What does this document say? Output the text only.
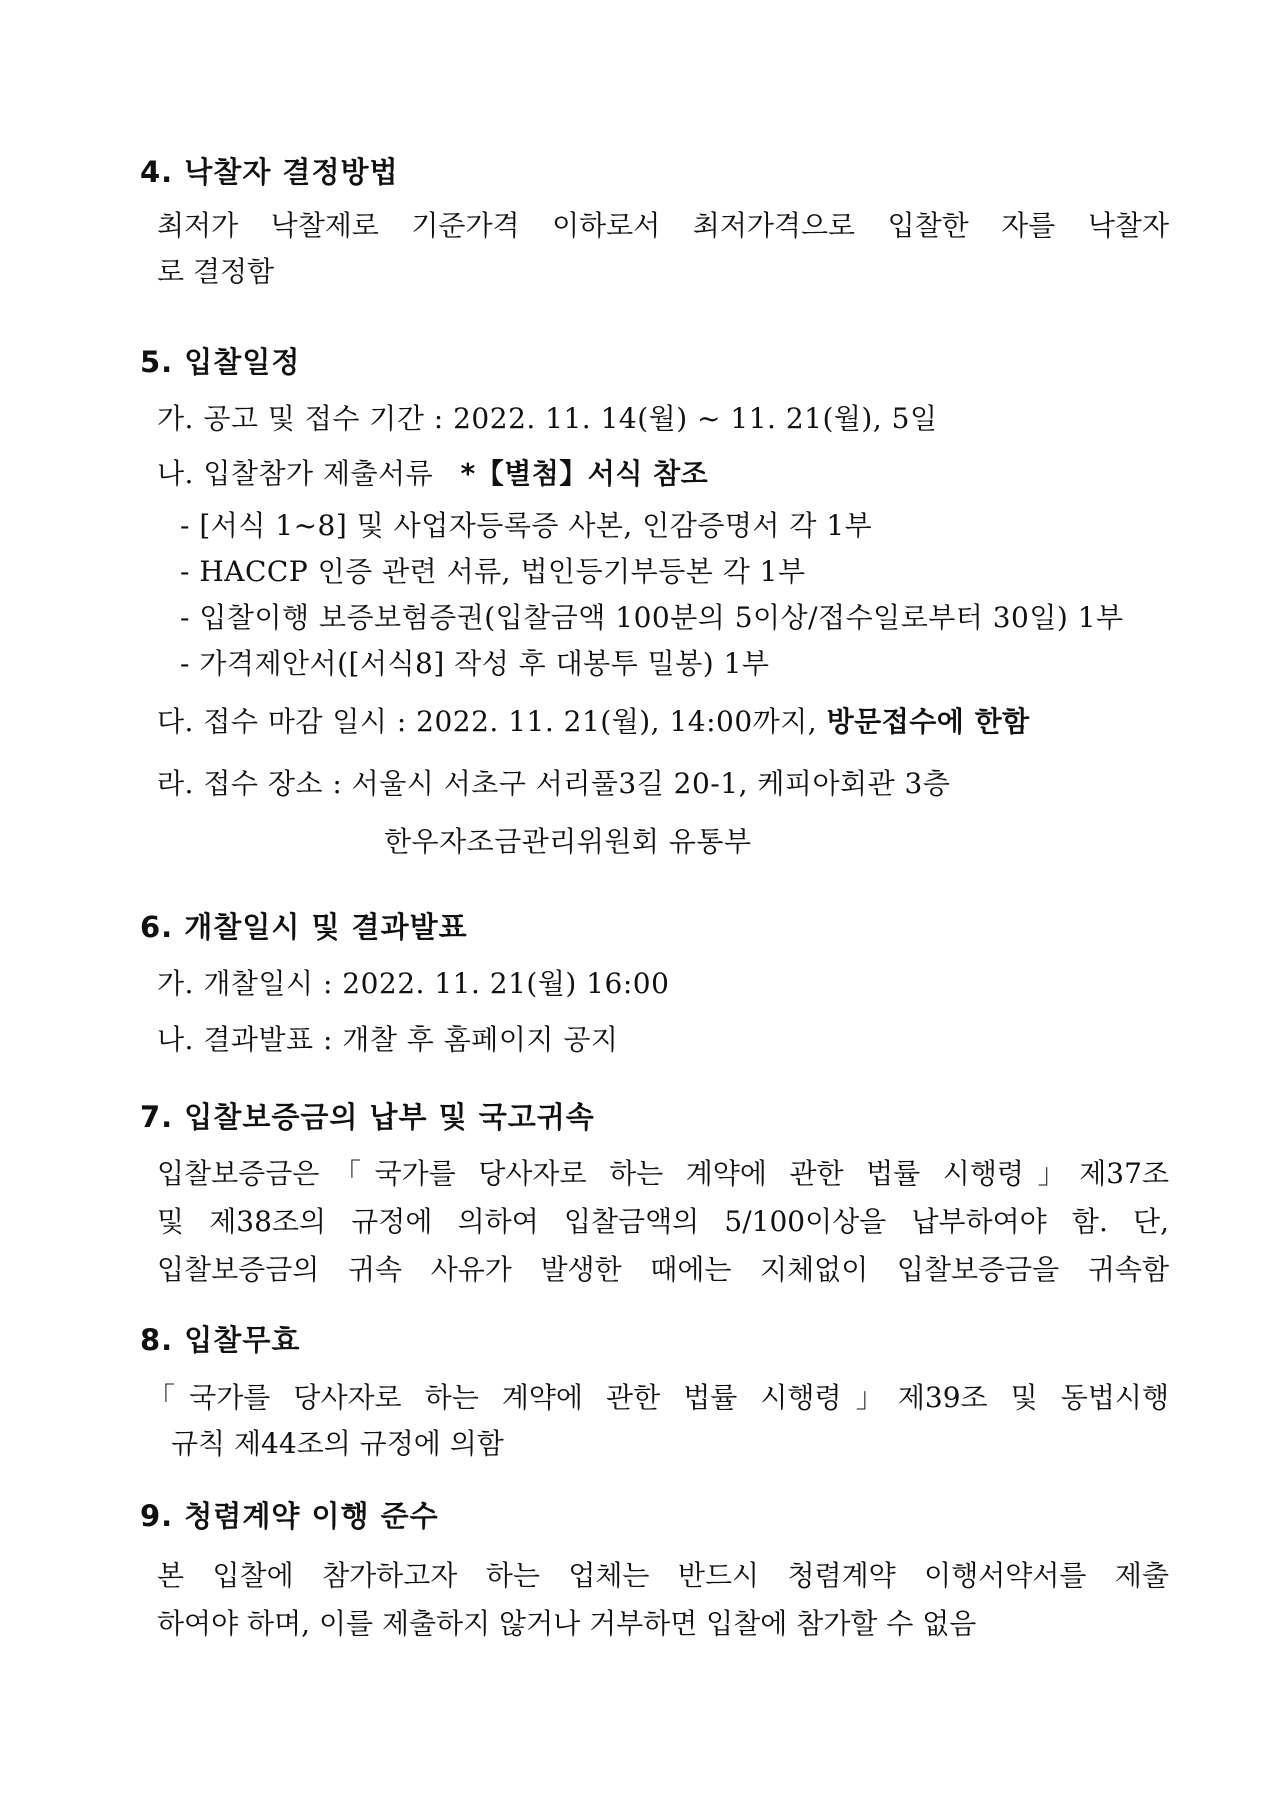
4. 낙찰자 결정방법
최저가 낙찰제로 기준가격 이하로서 최저가격으로 입찰한 자를 낙찰자
로 결정함
5. 입찰일정
가. 공고 및 접수 기간 : 2022. 11. 14(월) ~ 11. 21(월), 5일
나. 입찰참가 제출서류 *【별첨】서식 참조
- [서식 1~8] 및 사업자등록증 사본, 인감증명서 각 1부
- HACCP 인증 관련 서류, 법인등기부등본 각 1부
- 입찰이행 보증보험증권(입찰금액 100분의 5이상/접수일로부터 30일) 1부
- 가격제안서([서식8] 작성 후 대봉투 밀봉) 1부
다. 접수 마감 일시 : 2022. 11. 21(월), 14:00까지, 방문접수에 한함
라. 접수 장소 : 서울시 서초구 서리풀3길 20-1, 케피아회관 3층
한우자조금관리위원회 유통부
6. 개찰일시 및 결과발표
가. 개찰일시 : 2022. 11. 21(월) 16:00
나. 결과발표 : 개찰 후 홈페이지 공지
7. 입찰보증금의 납부 및 국고귀속
입찰보증금은「국가를 당사자로 하는 계약에 관한 법률 시행령」제37조
및 제38조의 규정에 의하여 입찰금액의 5/100이상을 납부하여야 함. 단,
입찰보증금의 귀속 사유가 발생한 때에는 지체없이 입찰보증금을 귀속함
8. 입찰무효
「국가를 당사자로 하는 계약에 관한 법률 시행령」제39조 및 동법시행
규칙 제44조의 규정에 의함
9. 청렴계약 이행 준수
본 입찰에 참가하고자 하는 업체는 반드시 청렴계약 이행서약서를 제출
하여야 하며, 이를 제출하지 않거나 거부하면 입찰에 참가할 수 없음
